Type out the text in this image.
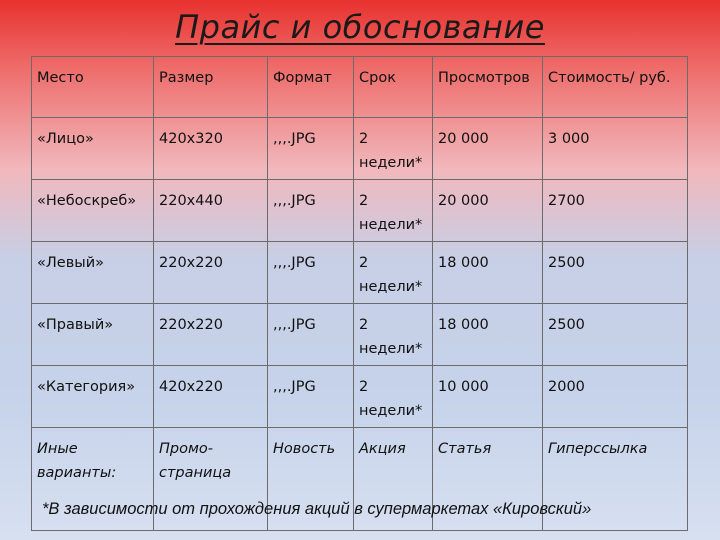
Прайс и обоснование
Место	Размер	Формат	Срок	Просмотров	Стоимость/ руб.
«Лицо»	420х320	,,,.JPG	2 недели*	20 000	3 000
«Небоскреб»	220х440	,,,.JPG	2 недели*	20 000	2700
«Левый»	220х220	,,,.JPG	2 недели*	18 000	2500
«Правый»	220х220	,,,.JPG	2 недели*	18 000	2500
«Категория»	420х220	,,,.JPG	2 недели*	10 000	2000
Иные варианты:	Промо-страница	Новость	Акция	Статья	Гиперссылка
*В зависимости от прохождения акций в супермаркетах «Кировский»
